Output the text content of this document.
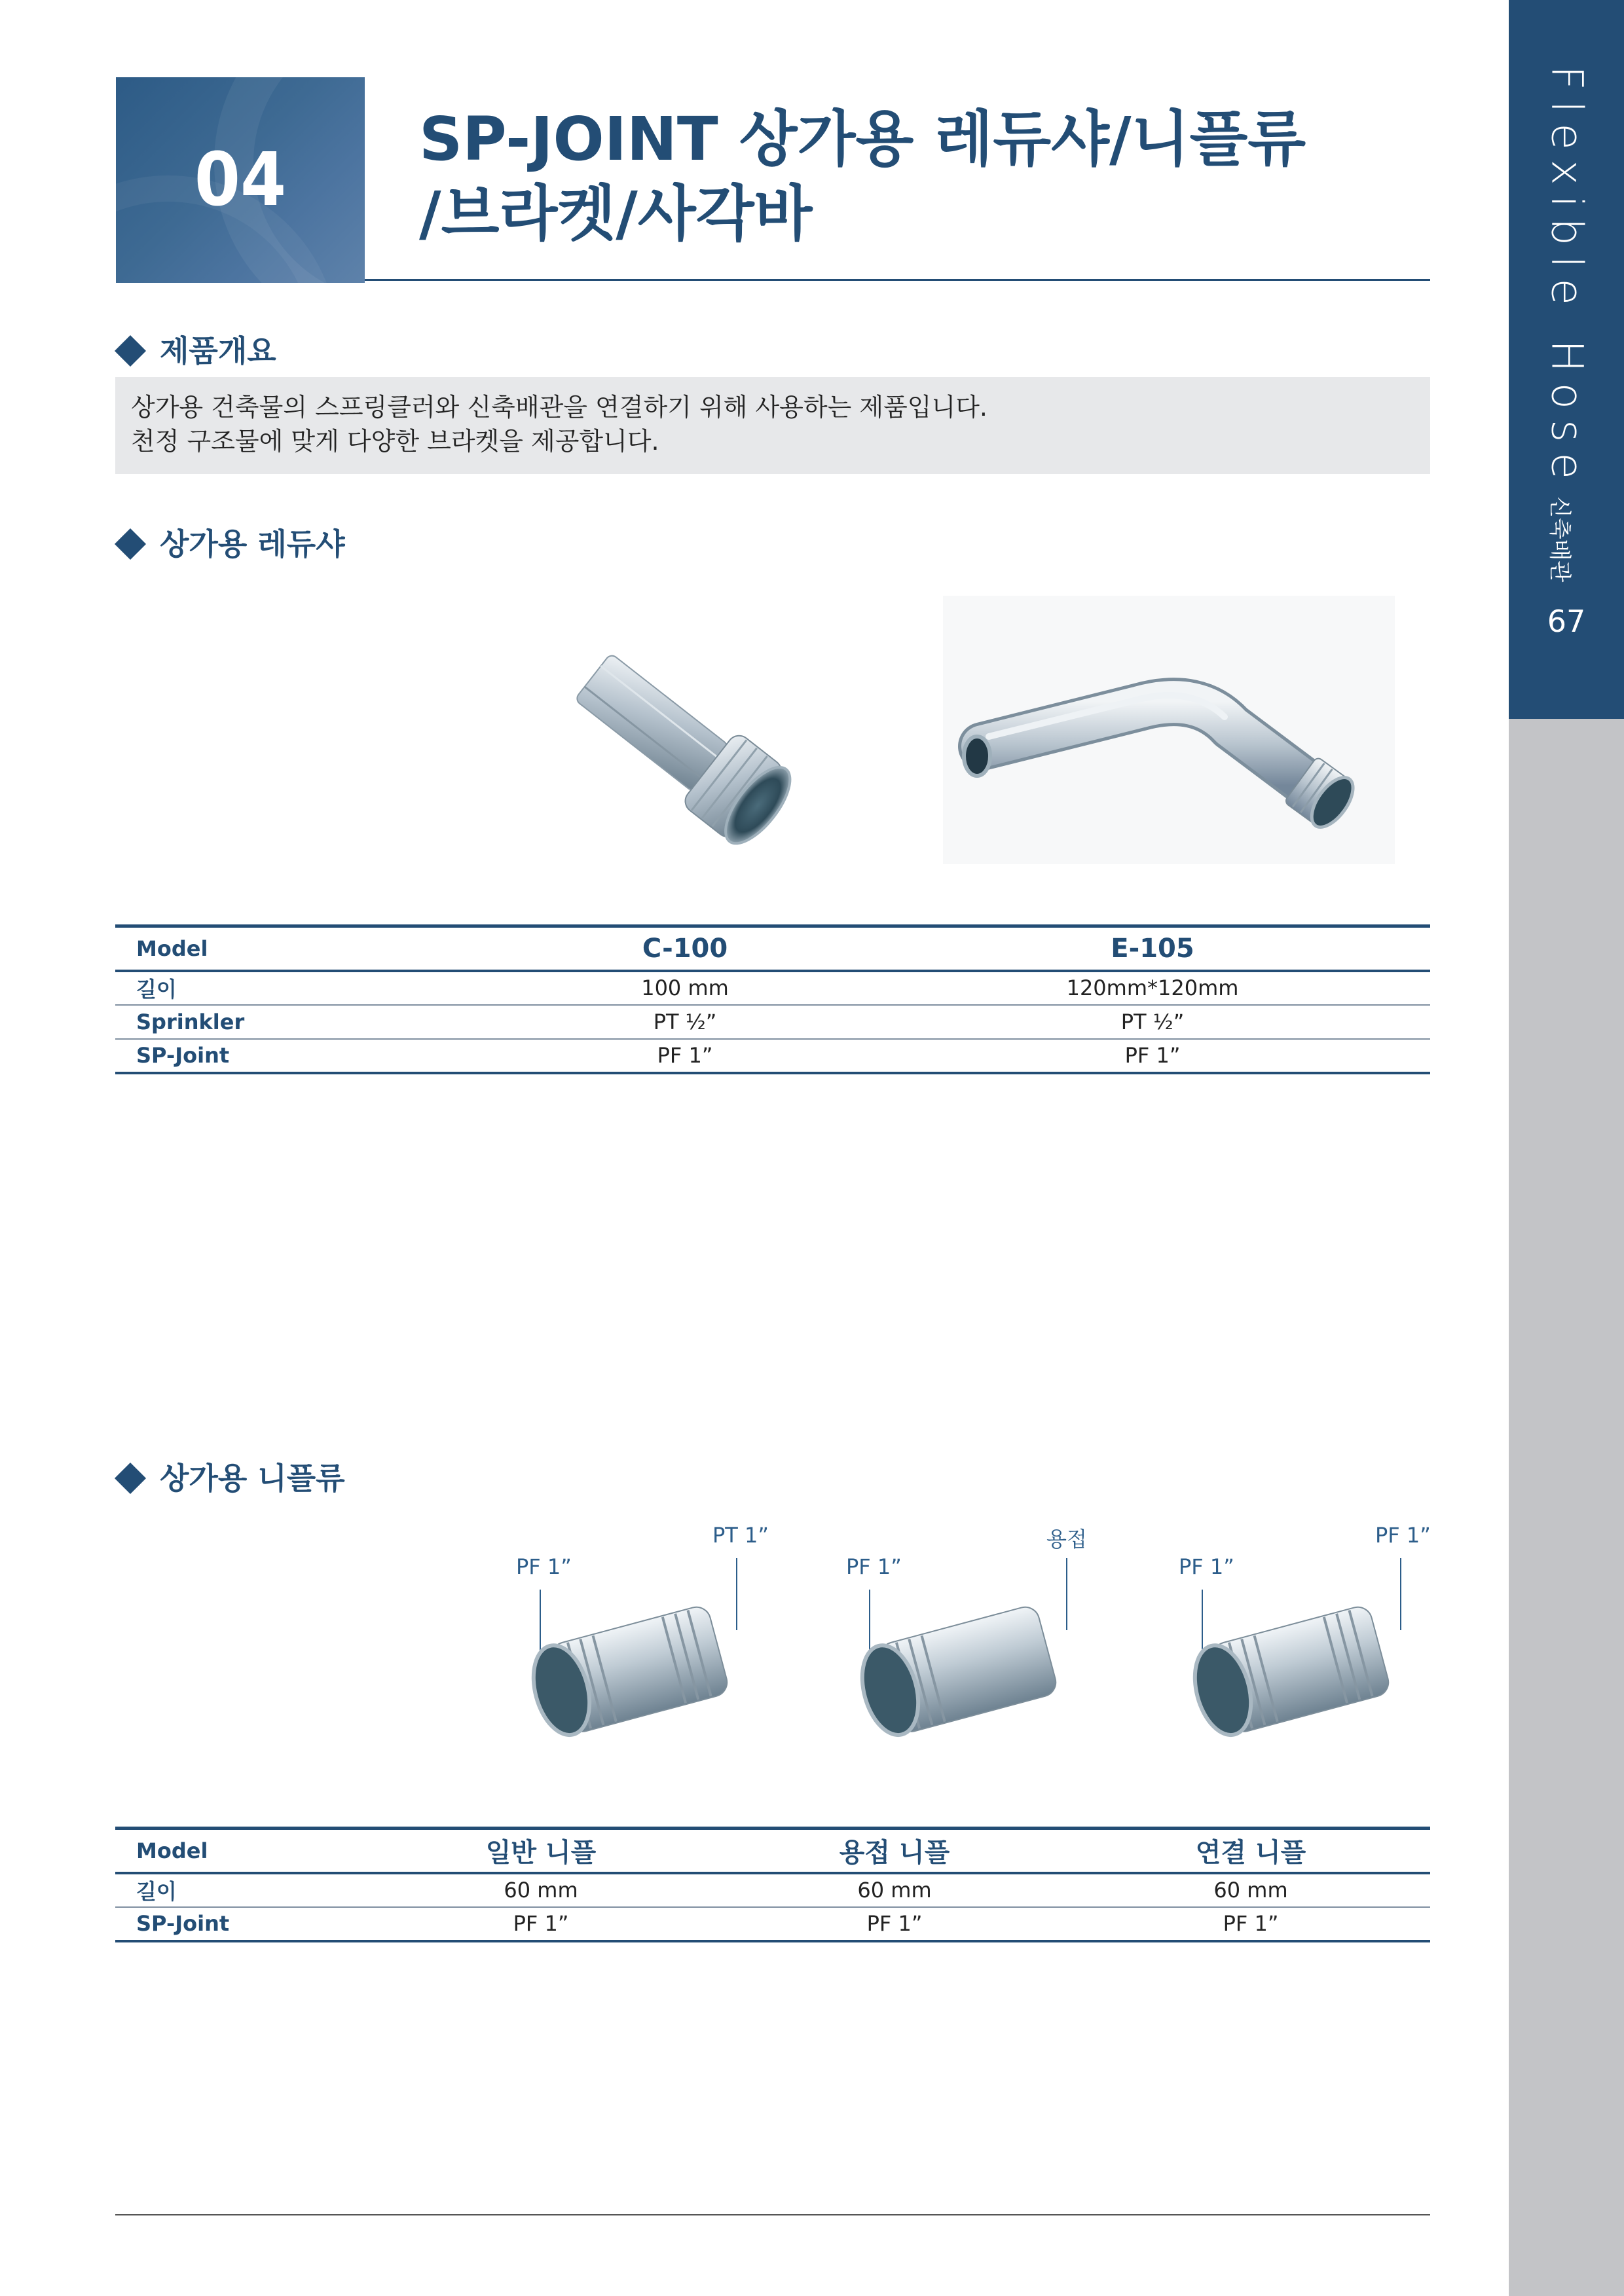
Flexible Hose신축배관
67
04	SP-JOINT 상가용 레듀샤/니플류
/브라켓/사각바
제품개요

상가용 건축물의 스프링클러와 신축배관을 연결하기 위해 사용하는 제품입니다.

천정 구조물에 맞게 다양한 브라켓을 제공합니다.

상가용 레듀샤
Model	C-100	E-105
길이	100 mm	120mm*120mm
Sprinkler	PT ½”	PT ½”
SP-Joint	PF 1”	PF 1”
상가용 니플류
PF 1”
PT 1”
PF 1”
용접
PF 1”
PF 1”
Model	일반 니플	용접 니플	연결 니플
길이	60 mm	60 mm	60 mm
SP-Joint	PF 1”	PF 1”	PF 1”
